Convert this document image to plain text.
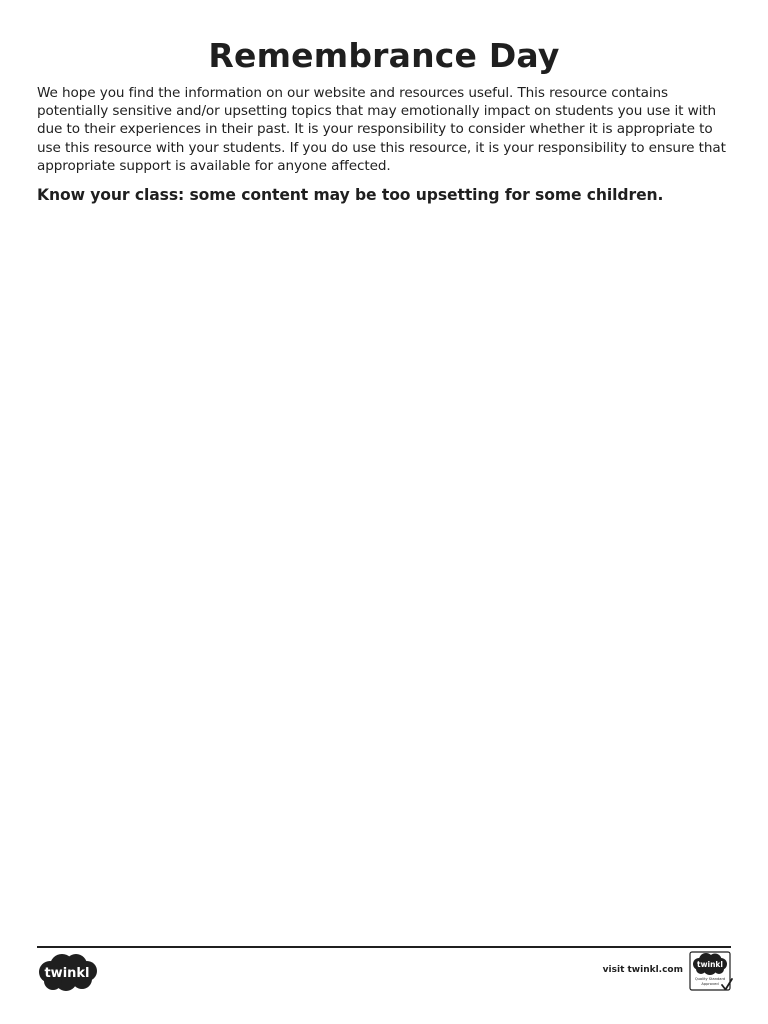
Remembrance Day

We hope you find the information on our website and resources useful. This resource contains potentially sensitive and/or upsetting topics that may emotionally impact on students you use it with due to their experiences in their past. It is your responsibility to consider whether it is appropriate to use this resource with your students. If you do use this resource, it is your responsibility to ensure that appropriate support is available for anyone affected.

Know your class: some content may be too upsetting for some children.

twinkl	visit twinkl.com
twinkl
Quality Standard
Approved
